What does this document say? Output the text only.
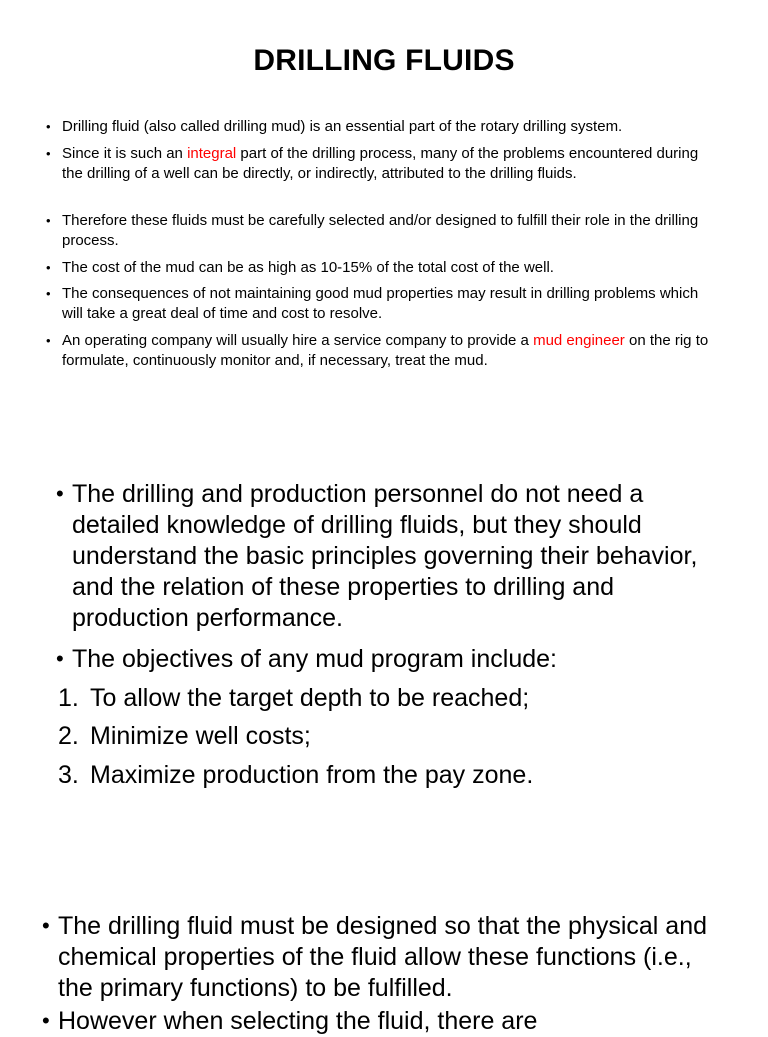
DRILLING FLUIDS
• Drilling fluid (also called drilling mud) is an essential part of the rotary drilling system.
• Since it is such an integral part of the drilling process, many of the problems encountered during the drilling of a well can be directly, or indirectly, attributed to the drilling fluids.
• Therefore these fluids must be carefully selected and/or designed to fulfill their role in the drilling process.
• The cost of the mud can be as high as 10-15% of the total cost of the well.
• The consequences of not maintaining good mud properties may result in drilling problems which will take a great deal of time and cost to resolve.
• An operating company will usually hire a service company to provide a mud engineer on the rig to formulate, continuously monitor and, if necessary, treat the mud.
• The drilling and production personnel do not need a detailed knowledge of drilling fluids, but they should understand the basic principles governing their behavior, and the relation of these properties to drilling and production performance.
• The objectives of any mud program include:
1. To allow the target depth to be reached;
2. Minimize well costs;
3. Maximize production from the pay zone.
• The drilling fluid must be designed so that the physical and chemical properties of the fluid allow these functions (i.e., the primary functions) to be fulfilled.
• However when selecting the fluid, there are
